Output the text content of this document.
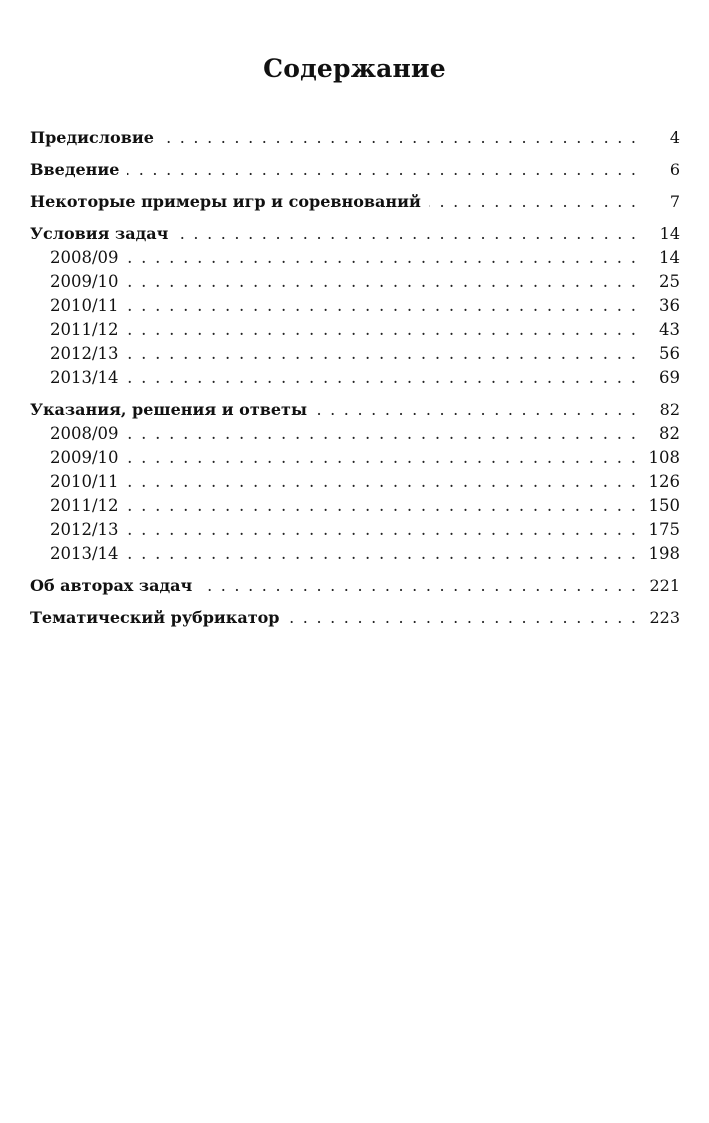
Содержание
. . .
Предисловие	4
. . .
Введение	6
. . .
Некоторые примеры игр и соревнований	7
. . .
Условия задач	14
. . .
2008/09	14
. . .
2009/10	25
. . .
2010/11	36
. . .
2011/12	43
. . .
2012/13	56
. . .
2013/14	69
. . .
Указания, решения и ответы	82
. . .
2008/09	82
. . .
2009/10	108
. . .
2010/11	126
. . .
2011/12	150
. . .
2012/13	175
. . .
2013/14	198
. . .
Об авторах задач	221
. . .
Тематический рубрикатор	223
